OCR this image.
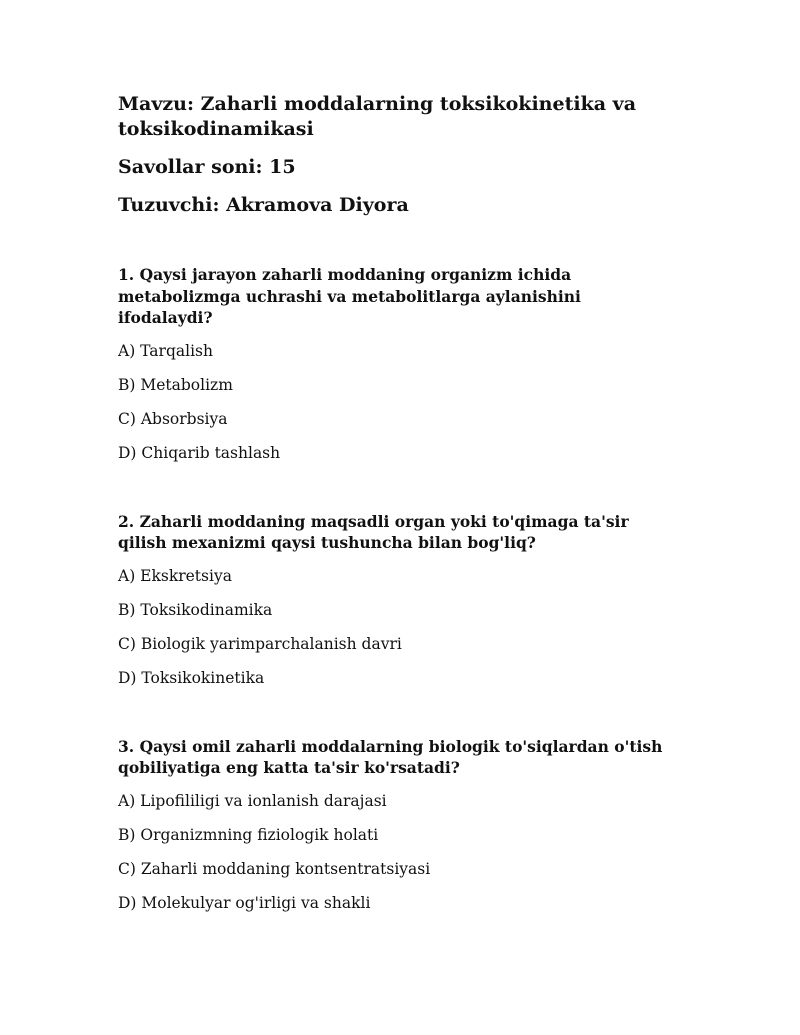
Mavzu: Zaharli moddalarning toksikokinetika va toksikodinamikasi

Savollar soni: 15

Tuzuvchi: Akramova Diyora

1. Qaysi jarayon zaharli moddaning organizm ichida metabolizmga uchrashi va metabolitlarga aylanishini ifodalaydi?

A) Tarqalish
B) Metabolizm
C) Absorbsiya
D) Chiqarib tashlash

2. Zaharli moddaning maqsadli organ yoki to'qimaga ta'sir qilish mexanizmi qaysi tushuncha bilan bog'liq?

A) Ekskretsiya
B) Toksikodinamika
C) Biologik yarimparchalanish davri
D) Toksikokinetika

3. Qaysi omil zaharli moddalarning biologik to'siqlardan o'tish qobiliyatiga eng katta ta'sir ko'rsatadi?

A) Lipofililigi va ionlanish darajasi
B) Organizmning fiziologik holati
C) Zaharli moddaning kontsentratsiyasi
D) Molekulyar og'irligi va shakli
